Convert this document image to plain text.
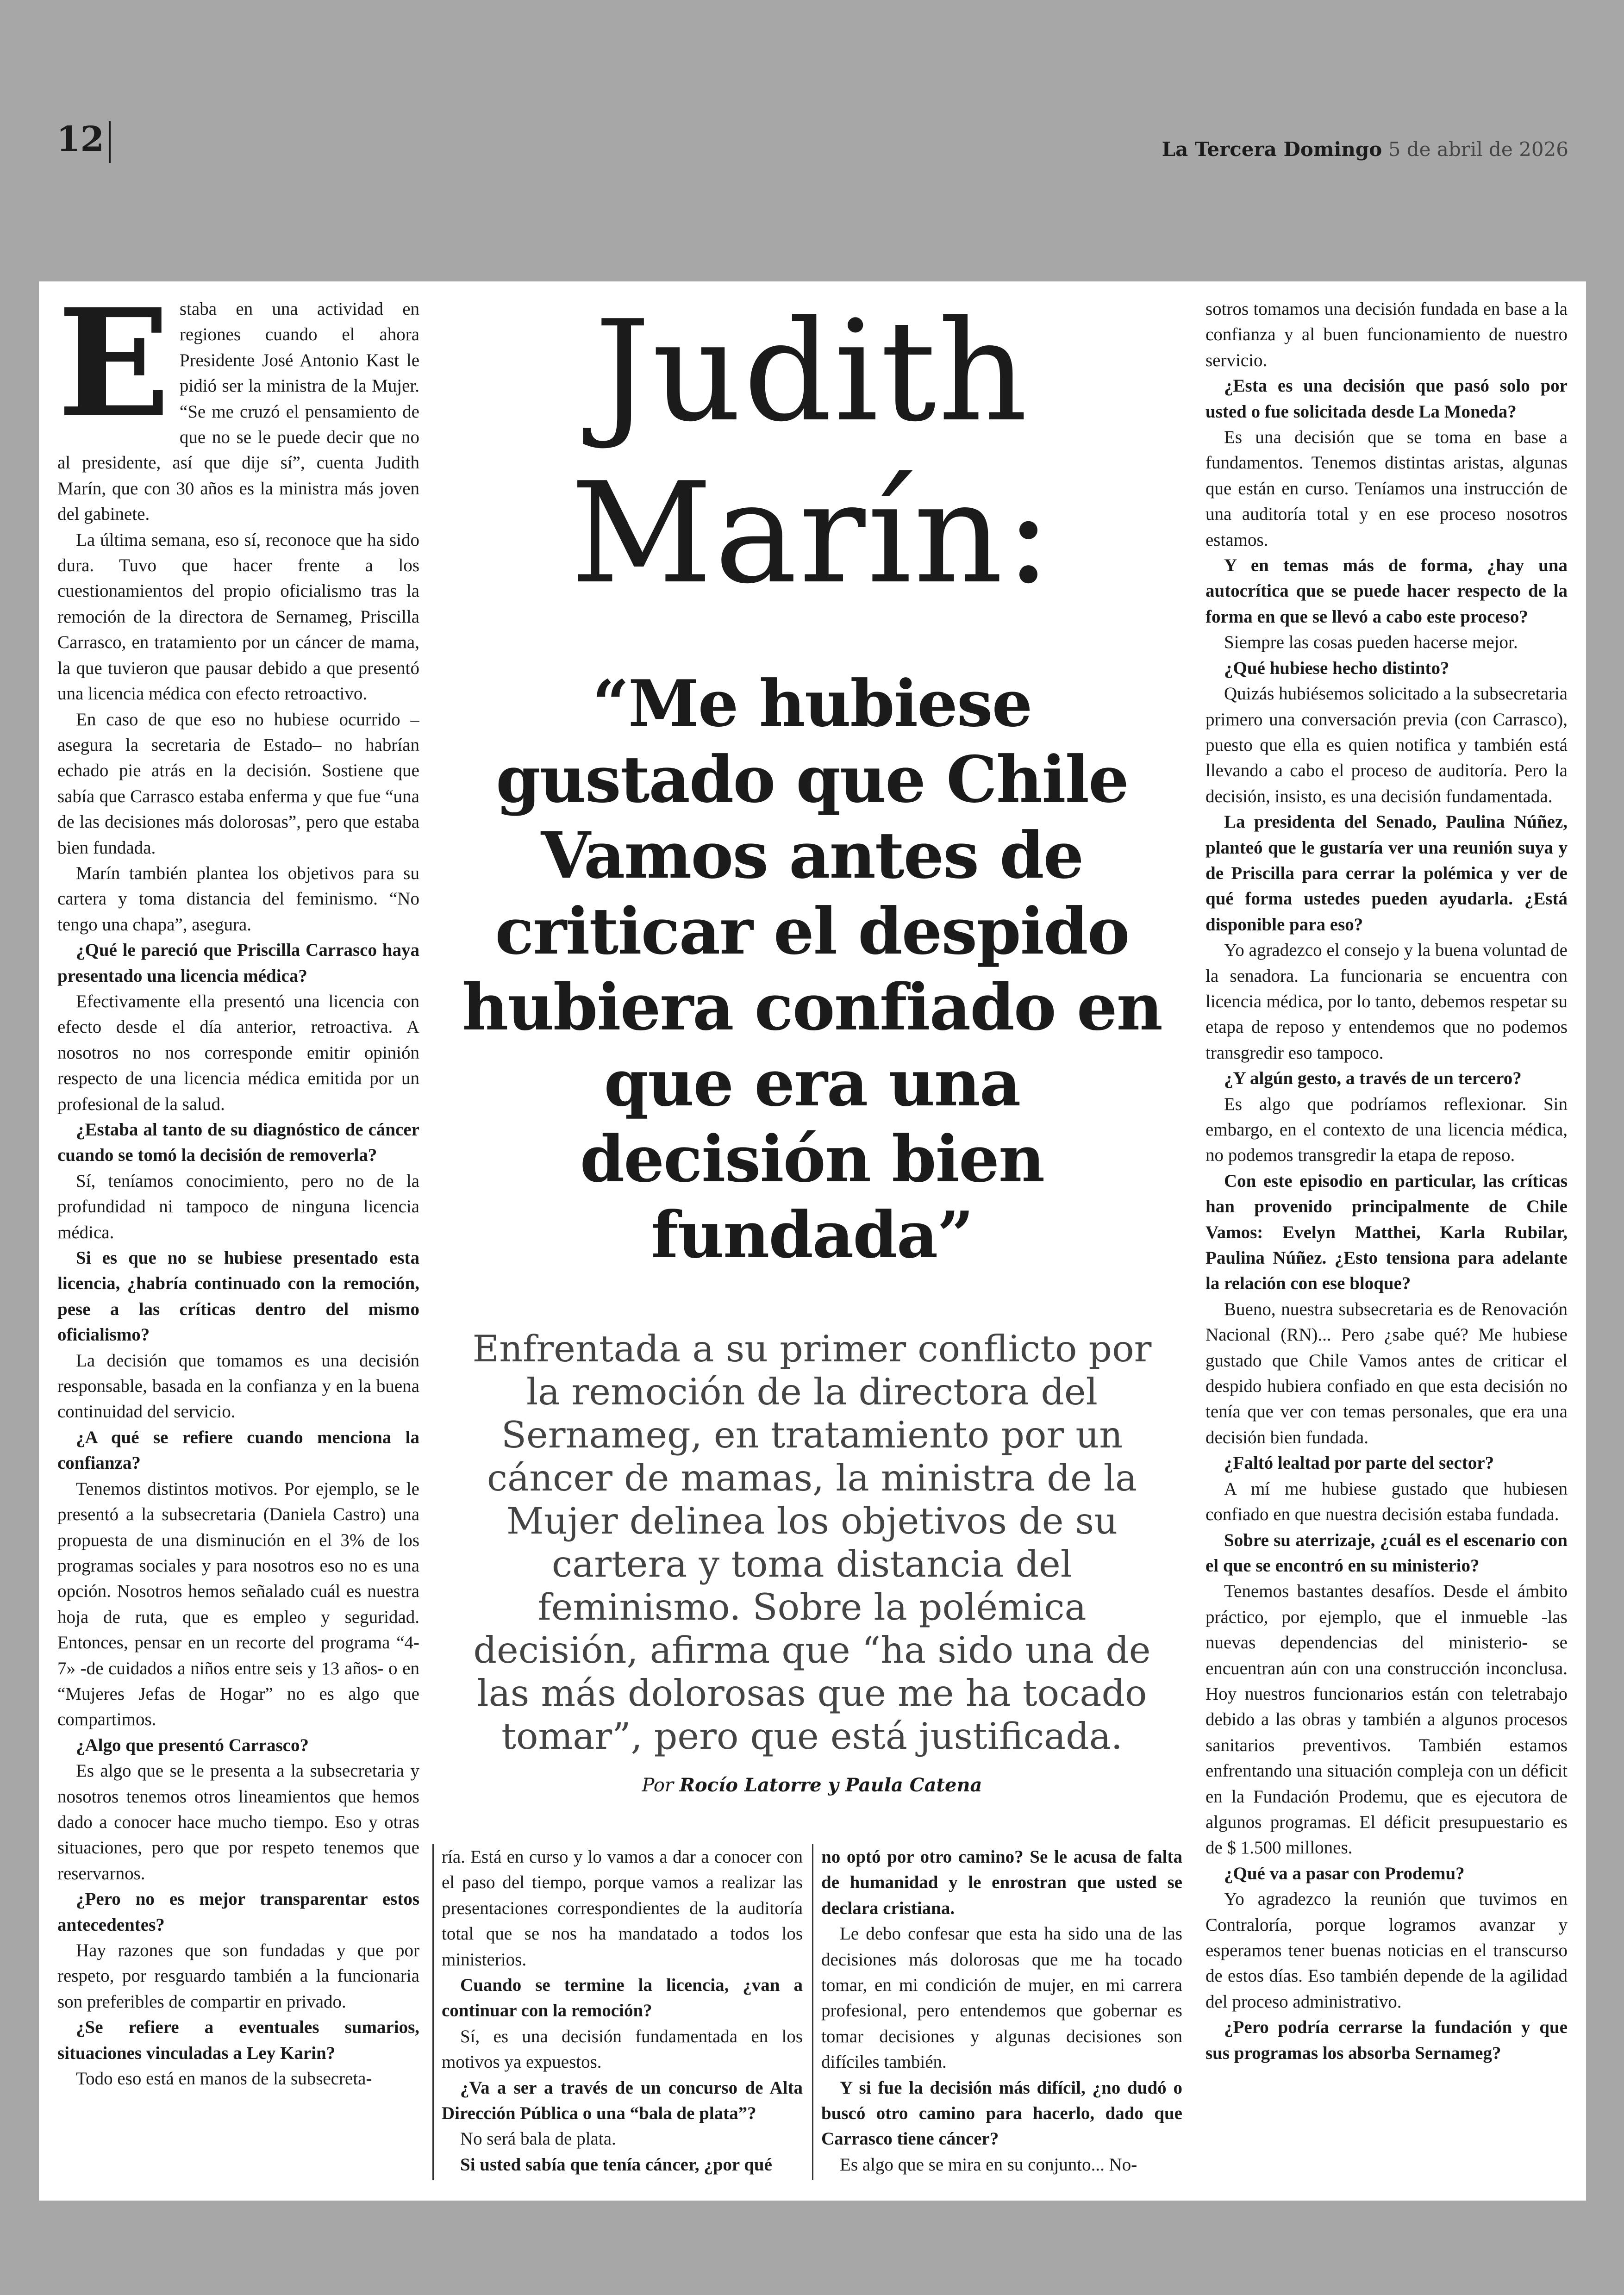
12	La Tercera Domingo 5 de abril de 2026
E staba en una actividad en regiones cuando el ahora Presidente José Antonio Kast le pidió ser la ministra de la Mujer. “Se me cruzó el pensamiento de que no se le puede decir que no al presidente, así que dije sí”, cuenta Judith Marín, que con 30 años es la ministra más joven del gabinete.

La última semana, eso sí, reconoce que ha sido dura. Tuvo que hacer frente a los cuestionamientos del propio oficialismo tras la remoción de la directora de Sernameg, Priscilla Carrasco, en tratamiento por un cáncer de mama, la que tuvieron que pausar debido a que presentó una licencia médica con efecto retroactivo.

En caso de que eso no hubiese ocurrido –asegura la secretaria de Estado– no habrían echado pie atrás en la decisión. Sostiene que sabía que Carrasco estaba enferma y que fue “una de las decisiones más dolorosas”, pero que estaba bien fundada.

Marín también plantea los objetivos para su cartera y toma distancia del feminismo. “No tengo una chapa”, asegura.

¿Qué le pareció que Priscilla Carrasco haya presentado una licencia médica?

Efectivamente ella presentó una licencia con efecto desde el día anterior, retroactiva. A nosotros no nos corresponde emitir opinión respecto de una licencia médica emitida por un profesional de la salud.

¿Estaba al tanto de su diagnóstico de cáncer cuando se tomó la decisión de removerla?

Sí, teníamos conocimiento, pero no de la profundidad ni tampoco de ninguna licencia médica.

Si es que no se hubiese presentado esta licencia, ¿habría continuado con la remoción, pese a las críticas dentro del mismo oficialismo?

La decisión que tomamos es una decisión responsable, basada en la confianza y en la buena continuidad del servicio.

¿A qué se refiere cuando menciona la confianza?

Tenemos distintos motivos. Por ejemplo, se le presentó a la subsecretaria (Daniela Castro) una propuesta de una disminución en el 3% de los programas sociales y para nosotros eso no es una opción. Nosotros hemos señalado cuál es nuestra hoja de ruta, que es empleo y seguridad. Entonces, pensar en un recorte del programa “4-7» -de cuidados a niños entre seis y 13 años- o en “Mujeres Jefas de Hogar” no es algo que compartimos.

¿Algo que presentó Carrasco?

Es algo que se le presenta a la subsecretaria y nosotros tenemos otros lineamientos que hemos dado a conocer hace mucho tiempo. Eso y otras situaciones, pero que por respeto tenemos que reservarnos.

¿Pero no es mejor transparentar estos antecedentes?

Hay razones que son fundadas y que por respeto, por resguardo también a la funcionaria son preferibles de compartir en privado.

¿Se refiere a eventuales sumarios, situaciones vinculadas a Ley Karin?

Todo eso está en manos de la subsecreta-

Judith
Marín:
“Me hubiese gustado que Chile Vamos antes de criticar el despido hubiera confiado en que era una decisión bien fundada”
Enfrentada a su primer conflicto por la remoción de la directora del Sernameg, en tratamiento por un cáncer de mamas, la ministra de la Mujer delinea los objetivos de su cartera y toma distancia del feminismo. Sobre la polémica decisión, afirma que “ha sido una de las más dolorosas que me ha tocado tomar”, pero que está justificada.
Por Rocío Latorre y Paula Catena

ría. Está en curso y lo vamos a dar a conocer con el paso del tiempo, porque vamos a realizar las presentaciones correspondientes de la auditoría total que se nos ha mandatado a todos los ministerios.

Cuando se termine la licencia, ¿van a continuar con la remoción?

Sí, es una decisión fundamentada en los motivos ya expuestos.

¿Va a ser a través de un concurso de Alta Dirección Pública o una “bala de plata”?

No será bala de plata.

Si usted sabía que tenía cáncer, ¿por qué

no optó por otro camino? Se le acusa de falta de humanidad y le enrostran que usted se declara cristiana.

Le debo confesar que esta ha sido una de las decisiones más dolorosas que me ha tocado tomar, en mi condición de mujer, en mi carrera profesional, pero entendemos que gobernar es tomar decisiones y algunas decisiones son difíciles también.

Y si fue la decisión más difícil, ¿no dudó o buscó otro camino para hacerlo, dado que Carrasco tiene cáncer?

Es algo que se mira en su conjunto... No-

sotros tomamos una decisión fundada en base a la confianza y al buen funcionamiento de nuestro servicio.

¿Esta es una decisión que pasó solo por usted o fue solicitada desde La Moneda?

Es una decisión que se toma en base a fundamentos. Tenemos distintas aristas, algunas que están en curso. Teníamos una instrucción de una auditoría total y en ese proceso nosotros estamos.

Y en temas más de forma, ¿hay una autocrítica que se puede hacer respecto de la forma en que se llevó a cabo este proceso?

Siempre las cosas pueden hacerse mejor.

¿Qué hubiese hecho distinto?

Quizás hubiésemos solicitado a la subsecretaria primero una conversación previa (con Carrasco), puesto que ella es quien notifica y también está llevando a cabo el proceso de auditoría. Pero la decisión, insisto, es una decisión fundamentada.

La presidenta del Senado, Paulina Núñez, planteó que le gustaría ver una reunión suya y de Priscilla para cerrar la polémica y ver de qué forma ustedes pueden ayudarla. ¿Está disponible para eso?

Yo agradezco el consejo y la buena voluntad de la senadora. La funcionaria se encuentra con licencia médica, por lo tanto, debemos respetar su etapa de reposo y entendemos que no podemos transgredir eso tampoco.

¿Y algún gesto, a través de un tercero?

Es algo que podríamos reflexionar. Sin embargo, en el contexto de una licencia médica, no podemos transgredir la etapa de reposo.

Con este episodio en particular, las críticas han provenido principalmente de Chile Vamos: Evelyn Matthei, Karla Rubilar, Paulina Núñez. ¿Esto tensiona para adelante la relación con ese bloque?

Bueno, nuestra subsecretaria es de Renovación Nacional (RN)... Pero ¿sabe qué? Me hubiese gustado que Chile Vamos antes de criticar el despido hubiera confiado en que esta decisión no tenía que ver con temas personales, que era una decisión bien fundada.

¿Faltó lealtad por parte del sector?

A mí me hubiese gustado que hubiesen confiado en que nuestra decisión estaba fundada.

Sobre su aterrizaje, ¿cuál es el escenario con el que se encontró en su ministerio?

Tenemos bastantes desafíos. Desde el ámbito práctico, por ejemplo, que el inmueble -las nuevas dependencias del ministerio- se encuentran aún con una construcción inconclusa. Hoy nuestros funcionarios están con teletrabajo debido a las obras y también a algunos procesos sanitarios preventivos. También estamos enfrentando una situación compleja con un déficit en la Fundación Prodemu, que es ejecutora de algunos programas. El déficit presupuestario es de $ 1.500 millones.

¿Qué va a pasar con Prodemu?

Yo agradezco la reunión que tuvimos en Contraloría, porque logramos avanzar y esperamos tener buenas noticias en el transcurso de estos días. Eso también depende de la agilidad del proceso administrativo.

¿Pero podría cerrarse la fundación y que sus programas los absorba Sernameg?
